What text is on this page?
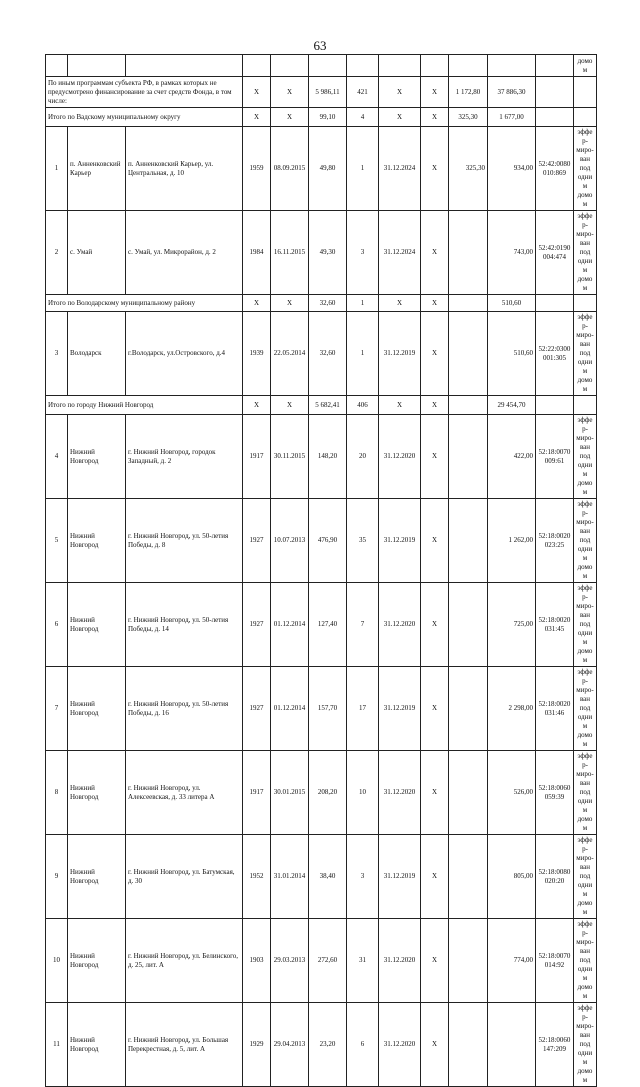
63
												домом
По иным программам субъекта РФ, в рамках которых не предусмотрено финансирование за счет средств Фонда, в том числе:			X	X	5 986,11	421	X	X	1 172,80	37 886,30		
Итого по Вадскому муниципальному округу			X	X	99,10	4	X	X	325,30	1 677,00		
1	п. Анненковский Карьер	п. Анненковский Карьер, ул. Центральная, д. 10	1959	08.09.2015	49,80	1	31.12.2024	X	325,30	934,00	52:42:0080010:869	эффер- миро- ван под одним домом
2	с. Умай	с. Умай, ул. Микрорайон, д. 2	1984	16.11.2015	49,30	3	31.12.2024	X		743,00	52:42:0190004:474	эффер- миро- ван под одним домом
Итого по Володарскому муниципальному району			X	X	32,60	1	X	X		510,60		
3	Володарск	г.Володарск, ул.Островского, д.4	1939	22.05.2014	32,60	1	31.12.2019	X		510,60	52:22:0300001:305	эффер- миро- ван под одним домом
Итого по городу Нижний Новгород			X	X	5 682,41	406	X	X		29 454,70		
4	Нижний Новгород	г. Нижний Новгород, городок Западный, д. 2	1917	30.11.2015	148,20	20	31.12.2020	X		422,00	52:18:0070009:61	эффер- миро- ван под одним домом
5	Нижний Новгород	г. Нижний Новгород, ул. 50-летия Победы, д. 8	1927	10.07.2013	476,90	35	31.12.2019	X		1 262,00	52:18:0020023:25	эффер- миро- ван под одним домом
6	Нижний Новгород	г. Нижний Новгород, ул. 50-летия Победы, д. 14	1927	01.12.2014	127,40	7	31.12.2020	X		725,00	52:18:0020031:45	эффер- миро- ван под одним домом
7	Нижний Новгород	г. Нижний Новгород, ул. 50-летия Победы, д. 16	1927	01.12.2014	157,70	17	31.12.2019	X		2 298,00	52:18:0020031:46	эффер- миро- ван под одним домом
8	Нижний Новгород	г. Нижний Новгород, ул. Алексеевская, д. 33 литера А	1917	30.01.2015	208,20	10	31.12.2020	X		526,00	52:18:0060059:39	эффер- миро- ван под одним домом
9	Нижний Новгород	г. Нижний Новгород, ул. Батумская, д. 30	1952	31.01.2014	38,40	3	31.12.2019	X		805,00	52:18:0080020:20	эффер- миро- ван под одним домом
10	Нижний Новгород	г. Нижний Новгород, ул. Белинского, д. 25, лит. А	1903	29.03.2013	272,60	31	31.12.2020	X		774,00	52:18:0070014:92	эффер- миро- ван под одним домом
11	Нижний Новгород	г. Нижний Новгород, ул. Большая Перекрестная, д. 5, лит. А	1929	29.04.2013	23,20	6	31.12.2020	X			52:18:0060147:209	эффер- миро- ван под одним домом
